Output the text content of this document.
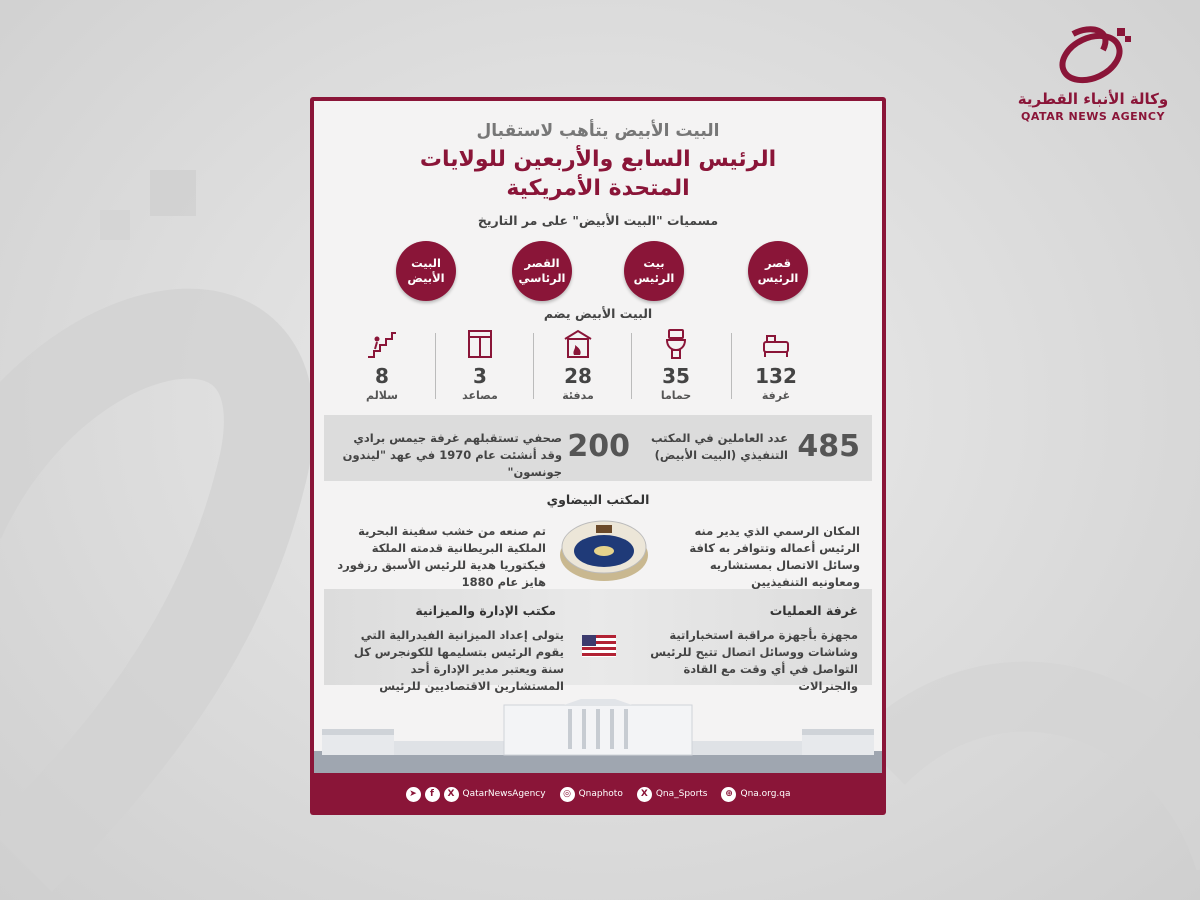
وكالة الأنباء القطرية
QATAR NEWS AGENCY
البيت الأبيض يتأهب لاستقبال
الرئيس السابع والأربعين للولايات
المتحدة الأمريكية
مسميات "البيت الأبيض" على مر التاريخ
قصر الرئيس
بيت الرئيس
القصر الرئاسي
البيت الأبيض
البيت الأبيض يضم
132
غرفة
35
حماما
28
مدفئة
3
مصاعد
8
سلالم
485
عدد العاملين في المكتب التنفيذي (البيت الأبيض)
200
صحفي تستقبلهم غرفة جيمس برادي وقد أنشئت عام 1970 في عهد "ليندون جونسون"
المكتب البيضاوي
المكان الرسمي الذي يدير منه الرئيس أعماله وتتوافر به كافة وسائل الاتصال بمستشاريه ومعاونيه التنفيذيين
تم صنعه من خشب سفينة البحرية الملكية البريطانية قدمته الملكة فيكتوريا هدية للرئيس الأسبق رزفورد هايز عام 1880
غرفة العمليات
مجهزة بأجهزة مراقبة استخباراتية وشاشات ووسائل اتصال تتيح للرئيس التواصل في أي وقت مع القادة والجنرالات
مكتب الإدارة والميزانية
يتولى إعداد الميزانية الفيدرالية التي يقوم الرئيس بتسليمها للكونجرس كل سنة ويعتبر مدير الإدارة أحد المستشارين الاقتصاديين للرئيس
➤	f	X QatarNewsAgency	◎ Qnaphoto	X Qna_Sports	⊕ Qna.org.qa
